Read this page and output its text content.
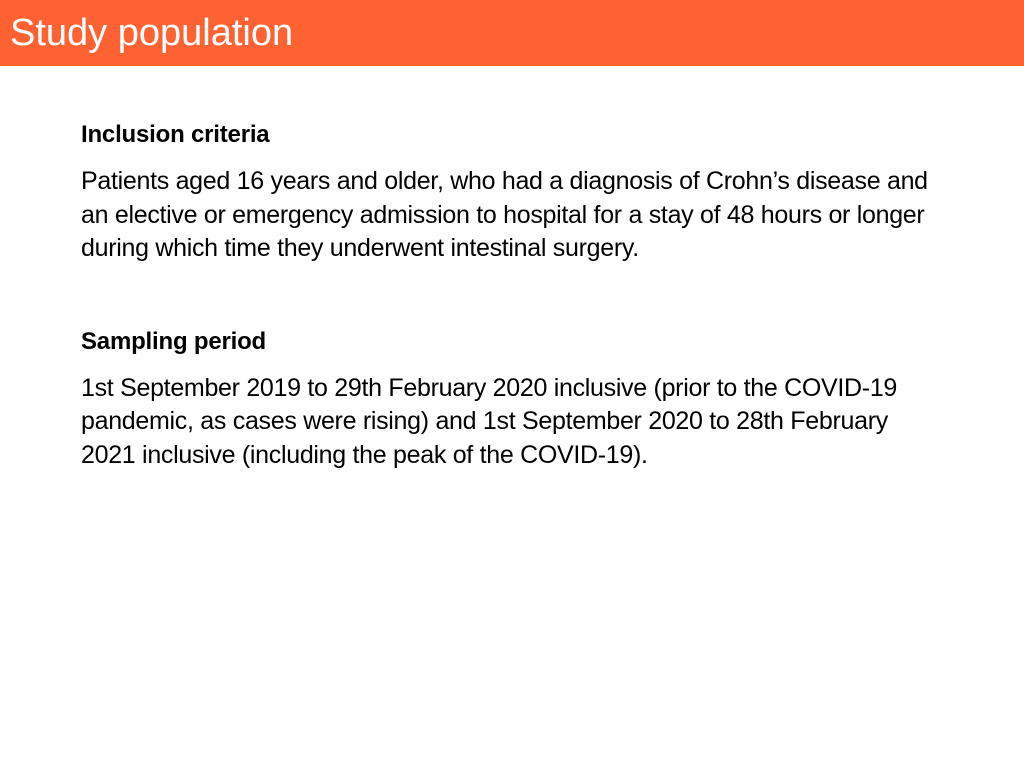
Study population

Inclusion criteria

Patients aged 16 years and older, who had a diagnosis of Crohn’s disease and an elective or emergency admission to hospital for a stay of 48 hours or longer during which time they underwent intestinal surgery.

Sampling period

1st September 2019 to 29th February 2020 inclusive (prior to the COVID-19 pandemic, as cases were rising) and 1st September 2020 to 28th February 2021 inclusive (including the peak of the COVID-19).
